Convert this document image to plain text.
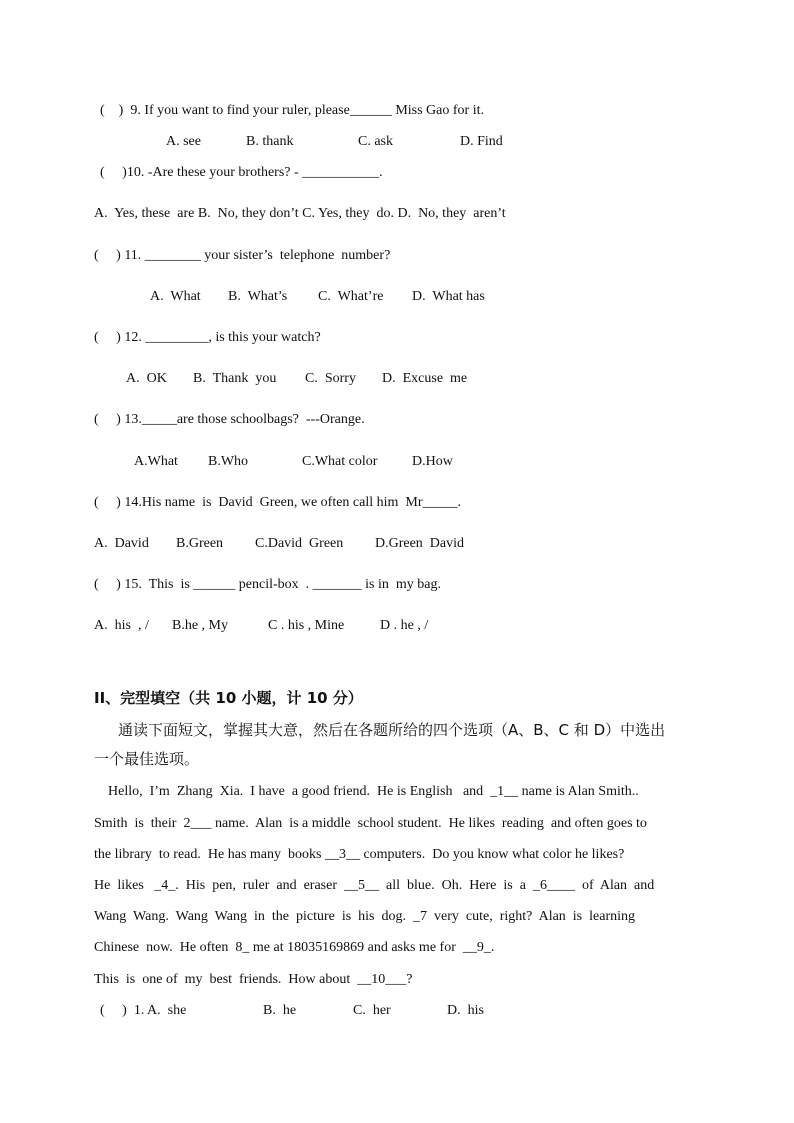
(    )  9. If you want to find your ruler, please______ Miss Gao for it.
A. see	B. thank	C. ask	D. Find
(     )10. -Are these your brothers? - ___________.
A.  Yes, these  are B.  No, they don’t C. Yes, they  do. D.  No, they  aren’t
(     ) 11. ________ your sister’s  telephone  number?
A.  What B.  What’s C.  What’re D.  What has
(     ) 12. _________, is this your watch?
A.  OK B.  Thank  you C.  Sorry D.  Excuse  me
(     ) 13._____are those schoolbags?  ---Orange.
A.What B.Who	C.What color D.How
(     ) 14.His name  is  David  Green, we often call him  Mr_____.
A.  David B.Green C.David  Green D.Green  David
(     ) 15.  This  is ______ pencil-box  . _______ is in  my bag.
A.  his  , / B.he , My	C . his , Mine	D . he , /
II、完型填空（共 10 小题，计 10 分）
通读下面短文，掌握其大意，然后在各题所给的四个选项（A、B、C 和 D）中选出
一个最佳选项。
Hello,  I’m  Zhang  Xia.  I have  a good friend.  He is English   and  _1__ name is Alan Smith..
Smith  is  their  2___ name.  Alan  is a middle  school student.  He likes  reading  and often goes to
the library  to read.  He has many  books __3__ computers.  Do you know what color he likes?
He  likes   _4_.  His  pen,  ruler  and  eraser  __5__  all  blue.  Oh.  Here  is  a  _6____  of  Alan  and
Wang  Wang.  Wang  Wang  in  the  picture  is  his  dog.  _7  very  cute,  right?  Alan  is  learning
Chinese  now.  He often  8_ me at 18035169869 and asks me for  __9_.
This  is  one of  my  best  friends.  How about  __10___?
(     )  1. A.  she	B.  he	C.  her	D.  his
